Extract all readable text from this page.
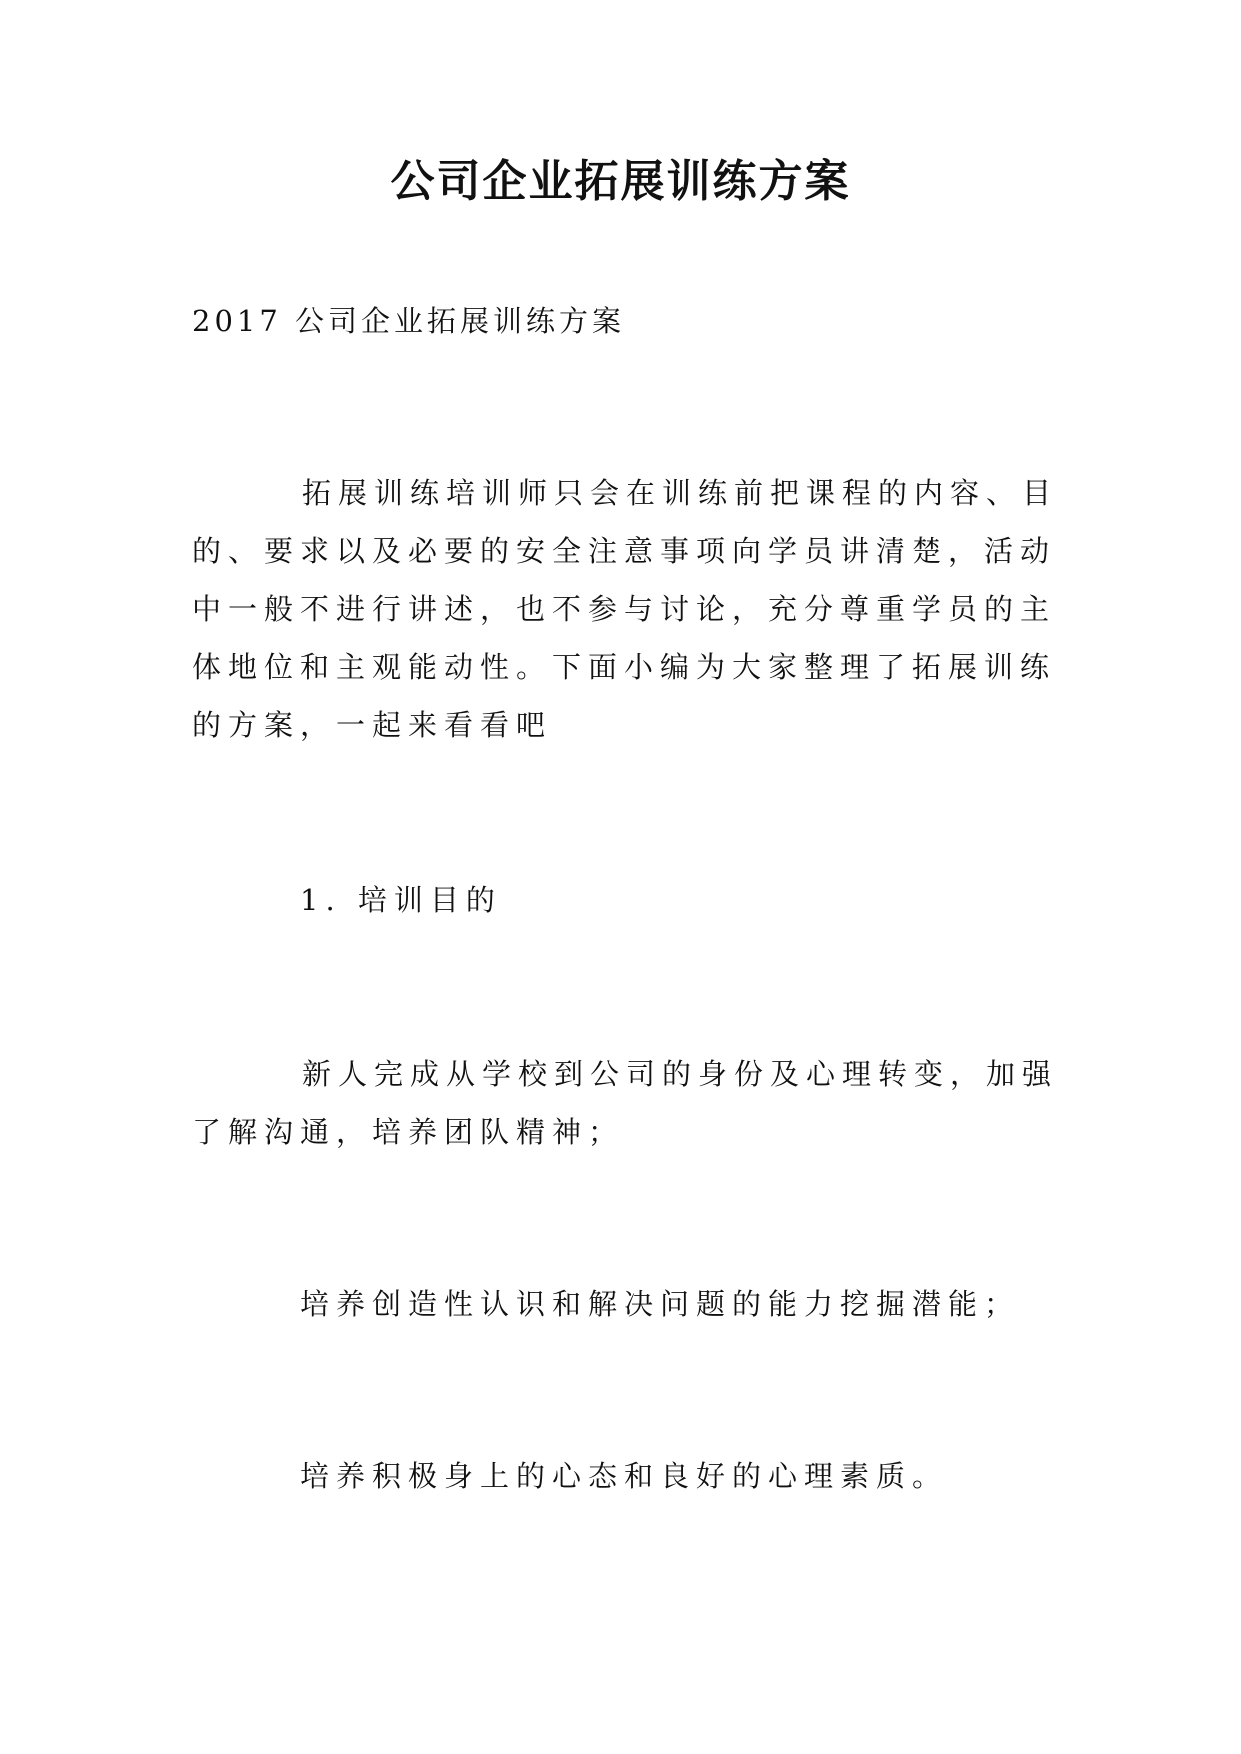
公司企业拓展训练方案

2017 公司企业拓展训练方案

拓展训练培训师只会在训练前把课程的内容、目的、要求以及必要的安全注意事项向学员讲清楚，活动中一般不进行讲述，也不参与讨论，充分尊重学员的主体地位和主观能动性。下面小编为大家整理了拓展训练的方案，一起来看看吧

1. 培训目的

新人完成从学校到公司的身份及心理转变，加强了解沟通，培养团队精神；

培养创造性认识和解决问题的能力挖掘潜能；

培养积极身上的心态和良好的心理素质。
